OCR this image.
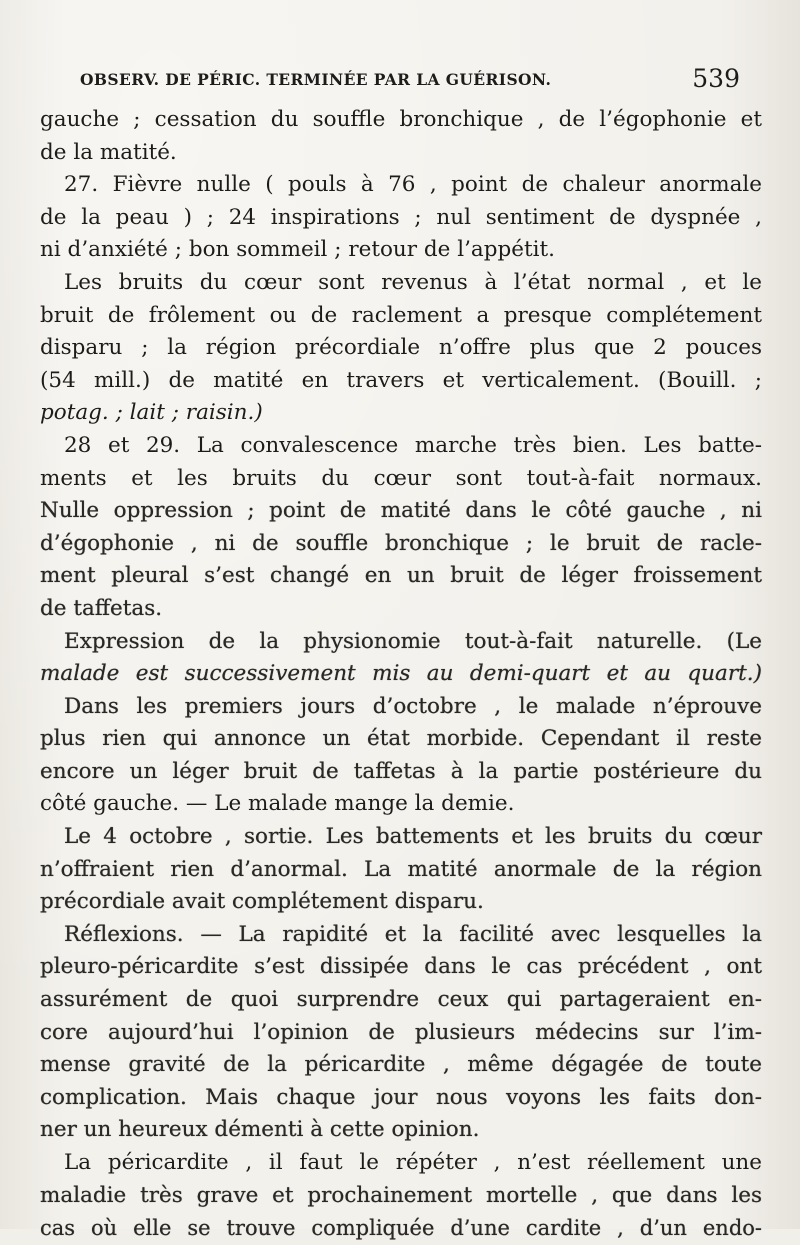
OBSERV. DE PÉRIC. TERMINÉE PAR LA GUÉRISON.	539
gauche ; cessation du souffle bronchique , de l’égophonie et
de la matité.
27. Fièvre nulle ( pouls à 76 , point de chaleur anormale
de la peau ) ; 24 inspirations ; nul sentiment de dyspnée ,
ni d’anxiété ; bon sommeil ; retour de l’appétit.
Les bruits du cœur sont revenus à l’état normal , et le
bruit de frôlement ou de raclement a presque complétement
disparu ; la région précordiale n’offre plus que 2 pouces
(54 mill.) de matité en travers et verticalement. (Bouill. ;
potag. ; lait ; raisin.)
28 et 29. La convalescence marche très bien. Les batte-
ments et les bruits du cœur sont tout-à-fait normaux.
Nulle oppression ; point de matité dans le côté gauche , ni
d’égophonie , ni de souffle bronchique ; le bruit de racle-
ment pleural s’est changé en un bruit de léger froissement
de taffetas.
Expression de la physionomie tout-à-fait naturelle. (Le
malade est successivement mis au demi-quart et au quart.)
Dans les premiers jours d’octobre , le malade n’éprouve
plus rien qui annonce un état morbide. Cependant il reste
encore un léger bruit de taffetas à la partie postérieure du
côté gauche. — Le malade mange la demie.
Le 4 octobre , sortie. Les battements et les bruits du cœur
n’offraient rien d’anormal. La matité anormale de la région
précordiale avait complétement disparu.
Réflexions. — La rapidité et la facilité avec lesquelles la
pleuro-péricardite s’est dissipée dans le cas précédent , ont
assurément de quoi surprendre ceux qui partageraient en-
core aujourd’hui l’opinion de plusieurs médecins sur l’im-
mense gravité de la péricardite , même dégagée de toute
complication. Mais chaque jour nous voyons les faits don-
ner un heureux démenti à cette opinion.
La péricardite , il faut le répéter , n’est réellement une
maladie très grave et prochainement mortelle , que dans les
cas où elle se trouve compliquée d’une cardite , d’un endo-
